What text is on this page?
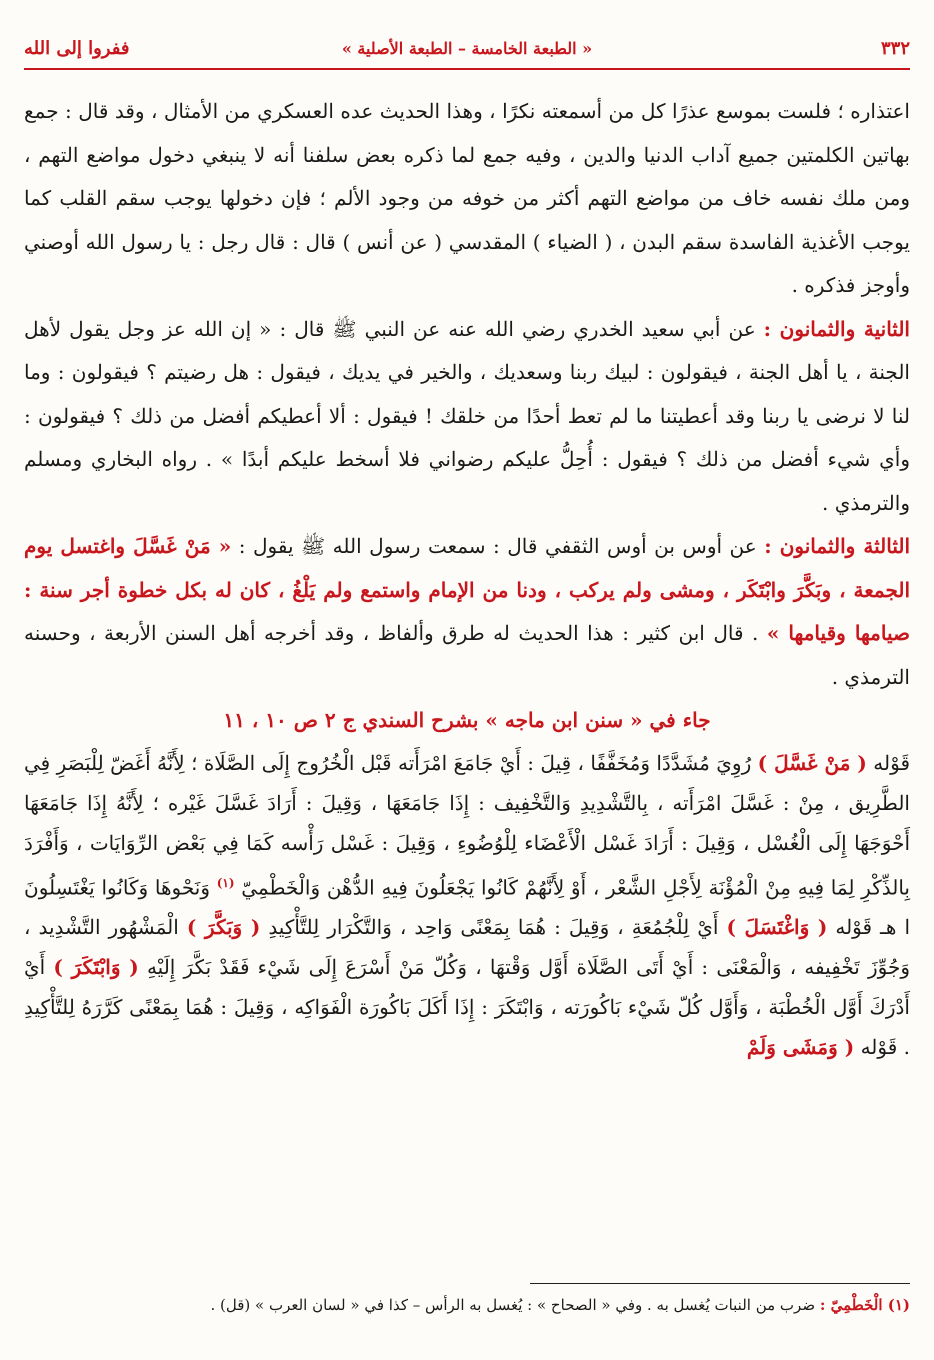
٣٣٢
« الطبعة الخامسة – الطبعة الأصلية »
ففروا إلى الله

اعتذاره ؛ فلست بموسع عذرًا كل من أسمعته نكرًا ، وهذا الحديث عده العسكري من الأمثال ، وقد قال : جمع بهاتين الكلمتين جميع آداب الدنيا والدين ، وفيه جمع لما ذكره بعض سلفنا أنه لا ينبغي دخول مواضع التهم ، ومن ملك نفسه خاف من مواضع التهم أكثر من خوفه من وجود الألم ؛ فإن دخولها يوجب سقم القلب كما يوجب الأغذية الفاسدة سقم البدن ، ( الضياء ) المقدسي ( عن أنس ) قال : قال رجل : يا رسول الله أوصني وأوجز فذكره .

الثانية والثمانون : عن أبي سعيد الخدري رضي الله عنه عن النبي ﷺ قال : « إن الله عز وجل يقول لأهل الجنة ، يا أهل الجنة ، فيقولون : لبيك ربنا وسعديك ، والخير في يديك ، فيقول : هل رضيتم ؟ فيقولون : وما لنا لا نرضى يا ربنا وقد أعطيتنا ما لم تعط أحدًا من خلقك ! فيقول : ألا أعطيكم أفضل من ذلك ؟ فيقولون : وأي شيء أفضل من ذلك ؟ فيقول : أُحِلُّ عليكم رضواني فلا أسخط عليكم أبدًا » . رواه البخاري ومسلم والترمذي .

الثالثة والثمانون : عن أوس بن أوس الثقفي قال : سمعت رسول الله ﷺ يقول : « مَنْ غَسَّلَ واغتسل يوم الجمعة ، وبَكَّرَ وابْتَكَر ، ومشى ولم يركب ، ودنا من الإمام واستمع ولم يَلْغُ ، كان له بكل خطوة أجر سنة : صيامها وقيامها » . قال ابن كثير : هذا الحديث له طرق وألفاظ ، وقد أخرجه أهل السنن الأربعة ، وحسنه الترمذي .

جاء في « سنن ابن ماجه » بشرح السندي ج ٢ ص ١٠ ، ١١

قَوْله ( مَنْ غَسَّلَ ) رُوِيَ مُشَدَّدًا وَمُخَفَّفًا ، قِيلَ : أَيْ جَامَعَ امْرَأَته قَبْل الْخُرُوج إِلَى الصَّلَاة ؛ لِأَنَّهُ أَغَضّ لِلْبَصَرِ فِي الطَّرِيق ، مِنْ : غَسَّلَ امْرَأَته ، بِالتَّشْدِيدِ وَالتَّخْفِيف : إِذَا جَامَعَهَا ، وَقِيلَ : أَرَادَ غَسَّلَ غَيْره ؛ لِأَنَّهُ إِذَا جَامَعَهَا أَحْوَجَهَا إِلَى الْغُسْل ، وَقِيلَ : أَرَادَ غَسْل الْأَعْضَاء لِلْوُضُوءِ ، وَقِيلَ : غَسْل رَأْسه كَمَا فِي بَعْض الرِّوَايَات ، وَأَفْرَدَ بِالذِّكْرِ لِمَا فِيهِ مِنْ الْمُؤْنَة لِأَجْلِ الشَّعْر ، أَوْ لِأَنَّهُمْ كَانُوا يَجْعَلُونَ فِيهِ الدُّهْن وَالْخَطْمِيّ $^{(١)}$ وَنَحْوهَا وَكَانُوا يَغْتَسِلُونَ ا هـ قَوْله ( وَاغْتَسَلَ ) أَيْ لِلْجُمُعَةِ ، وَقِيلَ : هُمَا بِمَعْنًى وَاحِد ، وَالتَّكْرَار لِلتَّأْكِيدِ ( وَبَكَّرَ ) الْمَشْهُور التَّشْدِيد ، وَجُوِّزَ تَخْفِيفه ، وَالْمَعْنَى : أَيْ أَتَى الصَّلَاة أَوَّل وَقْتهَا ، وَكُلّ مَنْ أَسْرَعَ إِلَى شَيْء فَقَدْ بَكَّرَ إِلَيْهِ ( وَابْتَكَرَ ) أَيْ أَدْرَكَ أَوَّل الْخُطْبَة ، وَأَوَّل كُلّ شَيْء بَاكُورَته ، وَابْتَكَرَ : إِذَا أَكَلَ بَاكُورَة الْفَوَاكِه ، وَقِيلَ : هُمَا بِمَعْنًى كَرَّرَهُ لِلتَّأْكِيدِ . قَوْله ( وَمَشَى وَلَمْ

(١) الْخَطْمِيّ : ضرب من النبات يُغسل به . وفي « الصحاح » : يُغسل به الرأس – كذا في « لسان العرب » (قل) .
